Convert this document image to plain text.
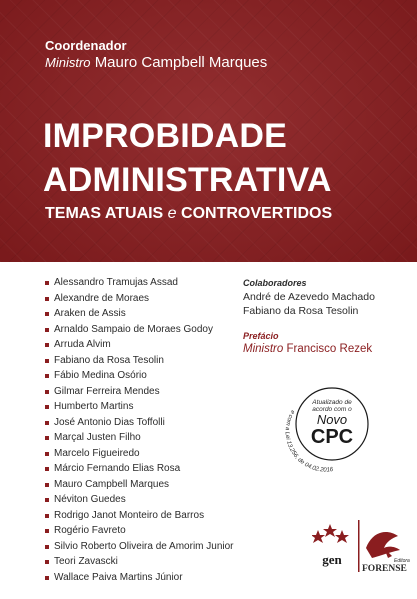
Coordenador
Ministro Mauro Campbell Marques
IMPROBIDADE
ADMINISTRATIVA
TEMAS ATUAIS e CONTROVERTIDOS
Alessandro Tramujas Assad
Alexandre de Moraes
Araken de Assis
Arnaldo Sampaio de Moraes Godoy
Arruda Alvim
Fabiano da Rosa Tesolin
Fábio Medina Osório
Gilmar Ferreira Mendes
Humberto Martins
José Antonio Dias Toffolli
Marçal Justen Filho
Marcelo Figueiredo
Márcio Fernando Elias Rosa
Mauro Campbell Marques
Néviton Guedes
Rodrigo Janot Monteiro de Barros
Rogério Favreto
Silvio Roberto Oliveira de Amorim Junior
Teori Zavascki
Wallace Paiva Martins Júnior
Colaboradores
André de Azevedo Machado
Fabiano da Rosa Tesolin
Prefácio
Ministro Francisco Rezek
Atualizado de
acordo com o
Novo
CPC
e com a Lei 13.256, de 04.02.2016
gen	Editora
FORENSE
